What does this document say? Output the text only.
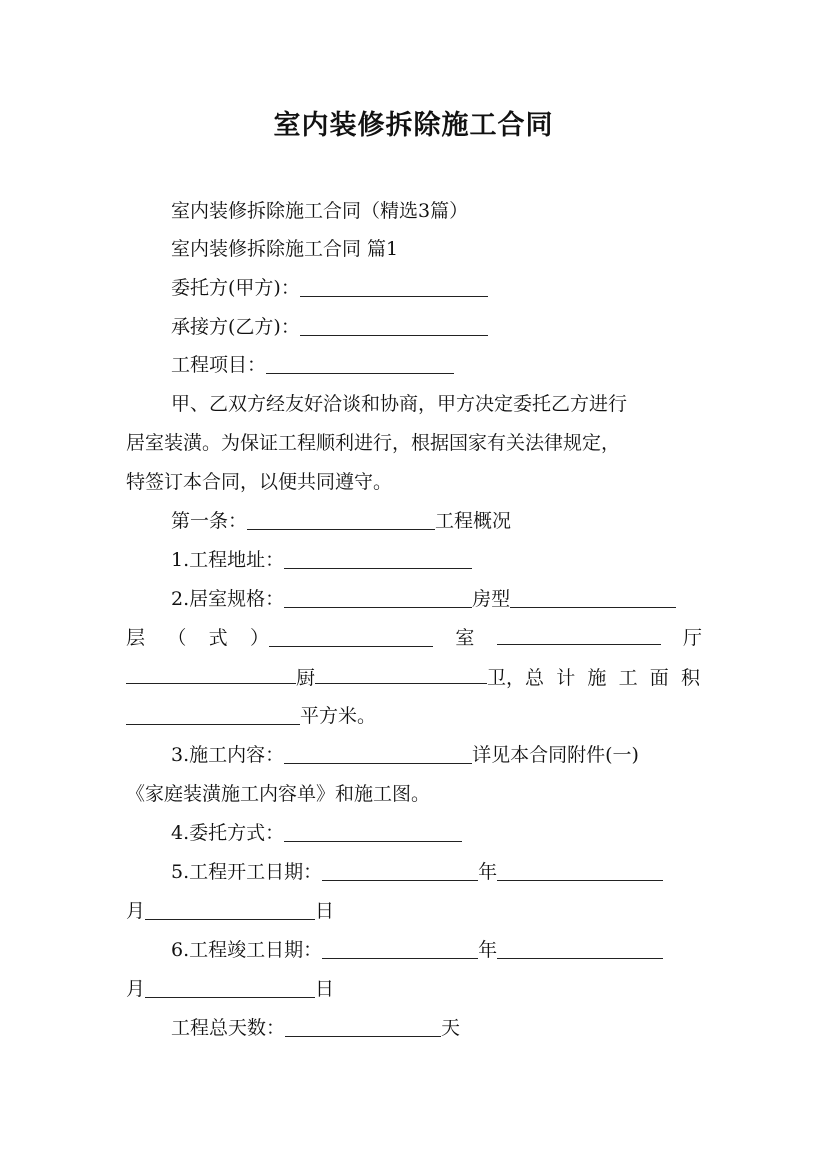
室内装修拆除施工合同
室内装修拆除施工合同（精选3篇）
室内装修拆除施工合同 篇1
委托方(甲方)：
承接方(乙方)：
工程项目：
甲、乙双方经友好洽谈和协商，甲方决定委托乙方进行
居室装潢。为保证工程顺利进行，根据国家有关法律规定，
特签订本合同，以便共同遵守。
第一条：	工程概况
1.工程地址：
2.居室规格：	房型
层 （ 式 ）	室	厅
厨	卫， 总计施工面积
平方米。
3.施工内容：	详见本合同附件(一)
《家庭装潢施工内容单》和施工图。
4.委托方式：
5.工程开工日期：	年
月	日
6.工程竣工日期：	年
月	日
工程总天数：	天
